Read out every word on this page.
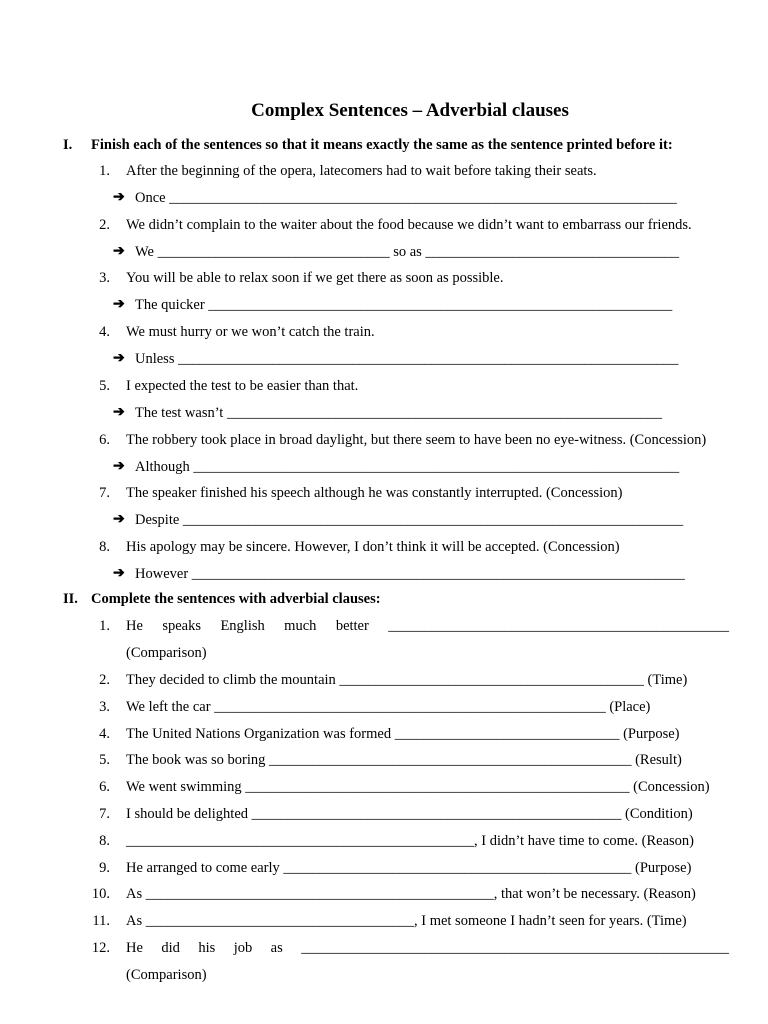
Complex Sentences – Adverbial clauses
I. Finish each of the sentences so that it means exactly the same as the sentence printed before it:
1. After the beginning of the opera, latecomers had to wait before taking their seats.
➔ Once ______________________________________________________________________
2. We didn’t complain to the waiter about the food because we didn’t want to embarrass our friends.
➔ We ________________________________ so as ___________________________________
3. You will be able to relax soon if we get there as soon as possible.
➔ The quicker ________________________________________________________________
4. We must hurry or we won’t catch the train.
➔ Unless _____________________________________________________________________
5. I expected the test to be easier than that.
➔ The test wasn’t ____________________________________________________________
6. The robbery took place in broad daylight, but there seem to have been no eye-witness. (Concession)
➔ Although ___________________________________________________________________
7. The speaker finished his speech although he was constantly interrupted. (Concession)
➔ Despite _____________________________________________________________________
8. His apology may be sincere. However, I don’t think it will be accepted. (Concession)
➔ However ____________________________________________________________________
II. Complete the sentences with adverbial clauses:
1. He speaks English much better _______________________________________________
(Comparison)
2. They decided to climb the mountain __________________________________________ (Time)
3. We left the car ______________________________________________________ (Place)
4. The United Nations Organization was formed _______________________________ (Purpose)
5. The book was so boring __________________________________________________ (Result)
6. We went swimming _____________________________________________________ (Concession)
7. I should be delighted ___________________________________________________ (Condition)
8. ________________________________________________, I didn’t have time to come. (Reason)
9. He arranged to come early ________________________________________________ (Purpose)
10. As ________________________________________________, that won’t be necessary. (Reason)
11. As _____________________________________, I met someone I hadn’t seen for years. (Time)
12. He did his job as ___________________________________________________________
(Comparison)
